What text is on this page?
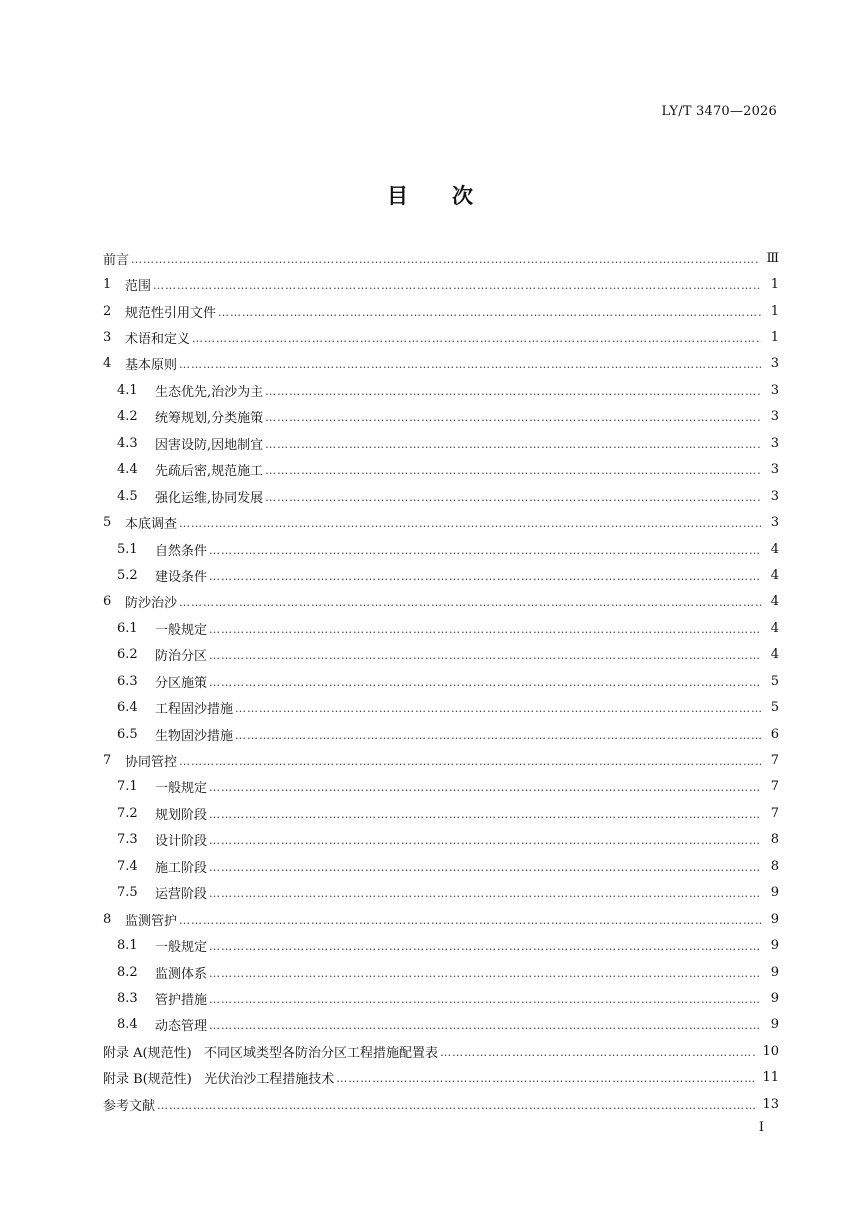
LY/T 3470—2026
目 次
前言 ………………………………………………………………………………………………………………………………………………………………………………………………………	Ⅲ
1	范围 ………………………………………………………………………………………………………………………………………………………………………………………………………	1
2	规范性引用文件 ………………………………………………………………………………………………………………………………………………………………………………………………………	1
3	术语和定义 ………………………………………………………………………………………………………………………………………………………………………………………………………	1
4	基本原则 ………………………………………………………………………………………………………………………………………………………………………………………………………	3
4.1	生态优先,治沙为主 ………………………………………………………………………………………………………………………………………………………………………………………………………	3
4.2	统筹规划,分类施策 ………………………………………………………………………………………………………………………………………………………………………………………………………	3
4.3	因害设防,因地制宜 ………………………………………………………………………………………………………………………………………………………………………………………………………	3
4.4	先疏后密,规范施工 ………………………………………………………………………………………………………………………………………………………………………………………………………	3
4.5	强化运维,协同发展 ………………………………………………………………………………………………………………………………………………………………………………………………………	3
5	本底调查 ………………………………………………………………………………………………………………………………………………………………………………………………………	3
5.1	自然条件 ………………………………………………………………………………………………………………………………………………………………………………………………………	4
5.2	建设条件 ………………………………………………………………………………………………………………………………………………………………………………………………………	4
6	防沙治沙 ………………………………………………………………………………………………………………………………………………………………………………………………………	4
6.1	一般规定 ………………………………………………………………………………………………………………………………………………………………………………………………………	4
6.2	防治分区 ………………………………………………………………………………………………………………………………………………………………………………………………………	4
6.3	分区施策 ………………………………………………………………………………………………………………………………………………………………………………………………………	5
6.4	工程固沙措施 ………………………………………………………………………………………………………………………………………………………………………………………………………	5
6.5	生物固沙措施 ………………………………………………………………………………………………………………………………………………………………………………………………………	6
7	协同管控 ………………………………………………………………………………………………………………………………………………………………………………………………………	7
7.1	一般规定 ………………………………………………………………………………………………………………………………………………………………………………………………………	7
7.2	规划阶段 ………………………………………………………………………………………………………………………………………………………………………………………………………	7
7.3	设计阶段 ………………………………………………………………………………………………………………………………………………………………………………………………………	8
7.4	施工阶段 ………………………………………………………………………………………………………………………………………………………………………………………………………	8
7.5	运营阶段 ………………………………………………………………………………………………………………………………………………………………………………………………………	9
8	监测管护 ………………………………………………………………………………………………………………………………………………………………………………………………………	9
8.1	一般规定 ………………………………………………………………………………………………………………………………………………………………………………………………………	9
8.2	监测体系 ………………………………………………………………………………………………………………………………………………………………………………………………………	9
8.3	管护措施 ………………………………………………………………………………………………………………………………………………………………………………………………………	9
8.4	动态管理 ………………………………………………………………………………………………………………………………………………………………………………………………………	9
附录 A(规范性)   不同区域类型各防治分区工程措施配置表 ………………………………………………………………………………………………………………………………………………………………………………………………………	10
附录 B(规范性)   光伏治沙工程措施技术 ………………………………………………………………………………………………………………………………………………………………………………………………………	11
参考文献 ………………………………………………………………………………………………………………………………………………………………………………………………………	13
I
